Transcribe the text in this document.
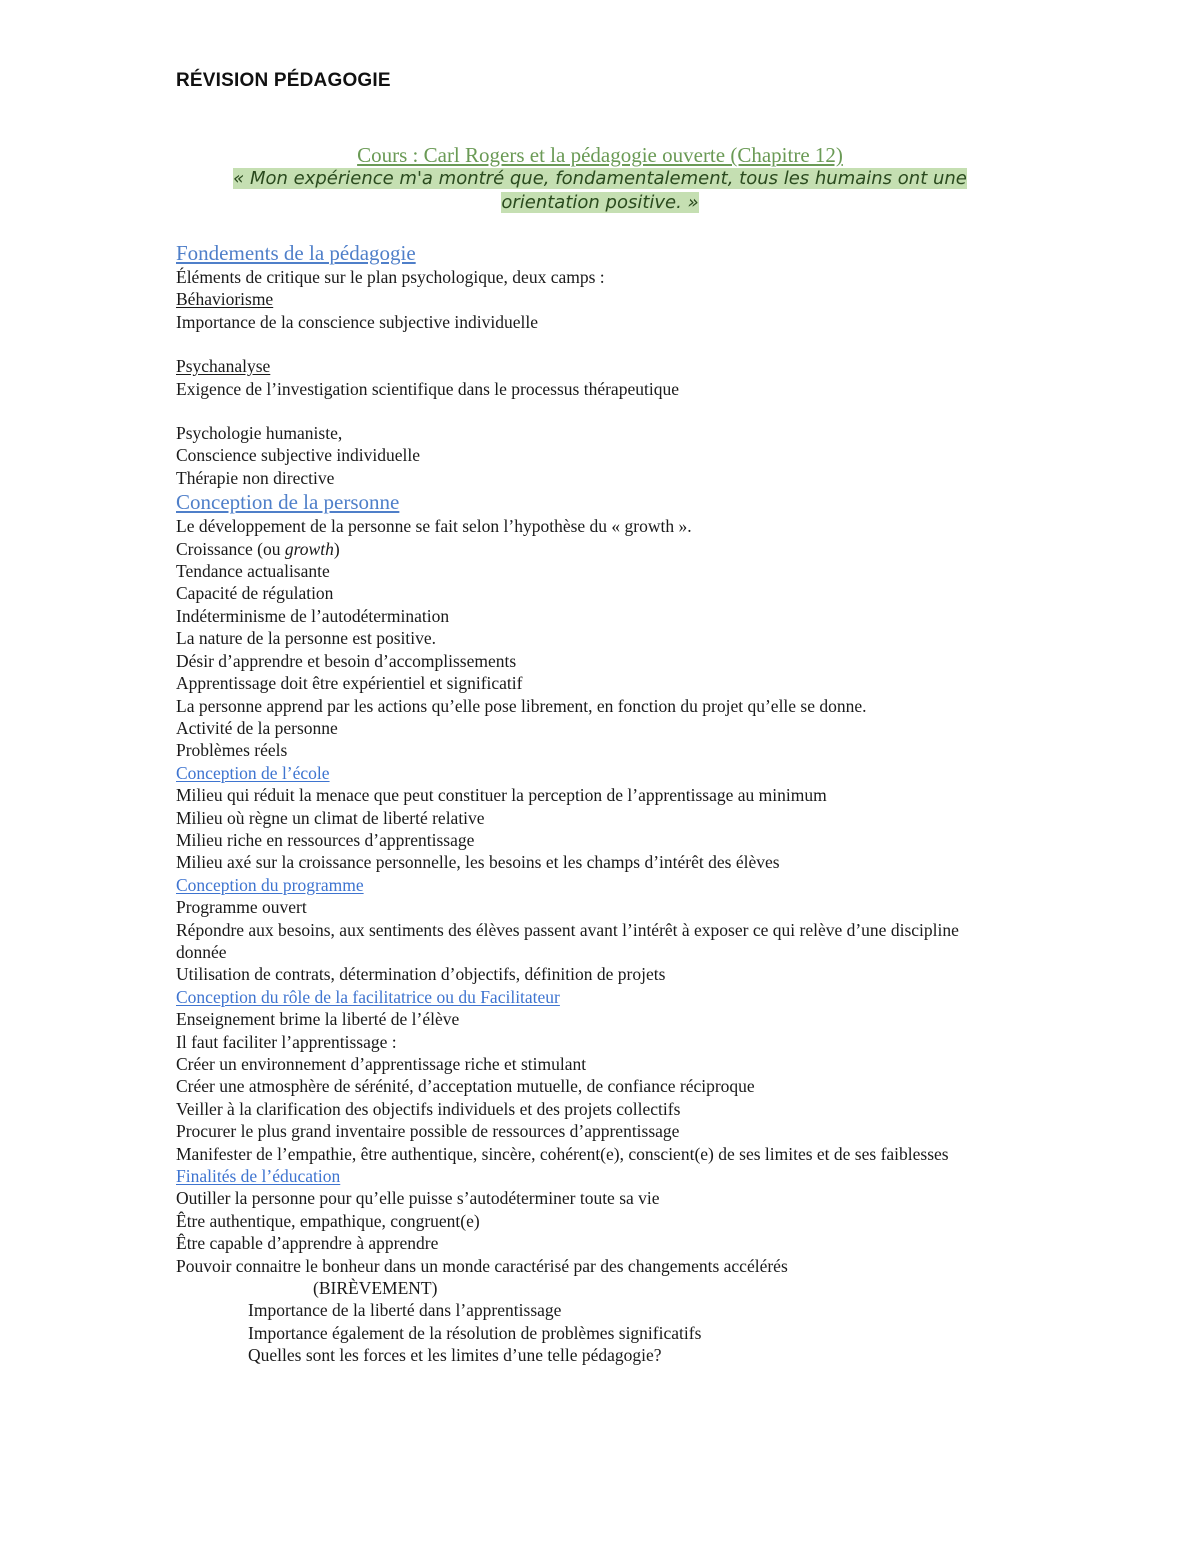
RÉVISION PÉDAGOGIE
Cours : Carl Rogers et la pédagogie ouverte (Chapitre 12)
« Mon expérience m'a montré que, fondamentalement, tous les humains ont une
orientation positive. »
Fondements de la pédagogie
Éléments de critique sur le plan psychologique, deux camps :
Béhaviorisme
Importance de la conscience subjective individuelle
Psychanalyse
Exigence de l’investigation scientifique dans le processus thérapeutique
Psychologie humaniste,
Conscience subjective individuelle
Thérapie non directive
Conception de la personne
Le développement de la personne se fait selon l’hypothèse du « growth ».
Croissance (ou growth)
Tendance actualisante
Capacité de régulation
Indéterminisme de l’autodétermination
La nature de la personne est positive.
Désir d’apprendre et besoin d’accomplissements
Apprentissage doit être expérientiel et significatif
La personne apprend par les actions qu’elle pose librement, en fonction du projet qu’elle se donne.
Activité de la personne
Problèmes réels
Conception de l’école
Milieu qui réduit la menace que peut constituer la perception de l’apprentissage au minimum
Milieu où règne un climat de liberté relative
Milieu riche en ressources d’apprentissage
Milieu axé sur la croissance personnelle, les besoins et les champs d’intérêt des élèves
Conception du programme
Programme ouvert
Répondre aux besoins, aux sentiments des élèves passent avant l’intérêt à exposer ce qui relève d’une discipline donnée
Utilisation de contrats, détermination d’objectifs, définition de projets
Conception du rôle de la facilitatrice ou du Facilitateur
Enseignement brime la liberté de l’élève
Il faut faciliter l’apprentissage :
Créer un environnement d’apprentissage riche et stimulant
Créer une atmosphère de sérénité, d’acceptation mutuelle, de confiance réciproque
Veiller à la clarification des objectifs individuels et des projets collectifs
Procurer le plus grand inventaire possible de ressources d’apprentissage
Manifester de l’empathie, être authentique, sincère, cohérent(e), conscient(e) de ses limites et de ses faiblesses
Finalités de l’éducation
Outiller la personne pour qu’elle puisse s’autodéterminer toute sa vie
Être authentique, empathique, congruent(e)
Être capable d’apprendre à apprendre
Pouvoir connaitre le bonheur dans un monde caractérisé par des changements accélérés
(BIRÈVEMENT)
Importance de la liberté dans l’apprentissage
Importance également de la résolution de problèmes significatifs
Quelles sont les forces et les limites d’une telle pédagogie?
